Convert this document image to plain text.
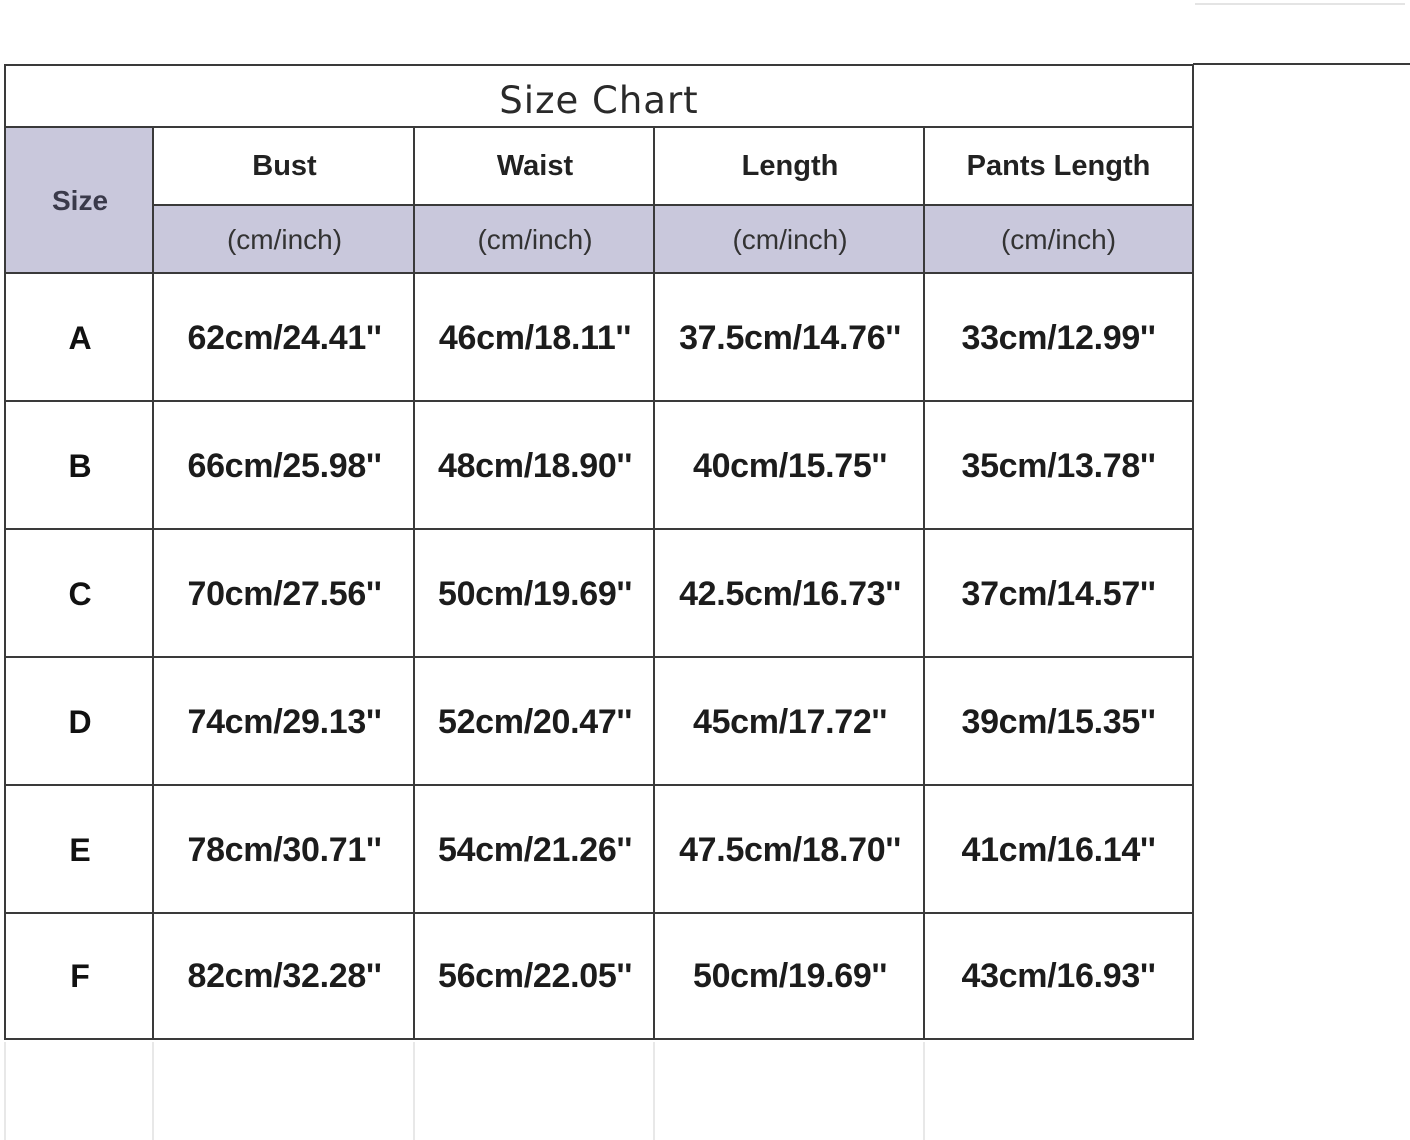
Size Chart
Size
Bust	Waist	Length	Pants Length
(cm/inch)	(cm/inch)	(cm/inch)	(cm/inch)
A	62cm/24.41''	46cm/18.11''	37.5cm/14.76''	33cm/12.99''
B	66cm/25.98''	48cm/18.90''	40cm/15.75''	35cm/13.78''
C	70cm/27.56''	50cm/19.69''	42.5cm/16.73''	37cm/14.57''
D	74cm/29.13''	52cm/20.47''	45cm/17.72''	39cm/15.35''
E	78cm/30.71''	54cm/21.26''	47.5cm/18.70''	41cm/16.14''
F	82cm/32.28''	56cm/22.05''	50cm/19.69''	43cm/16.93''
